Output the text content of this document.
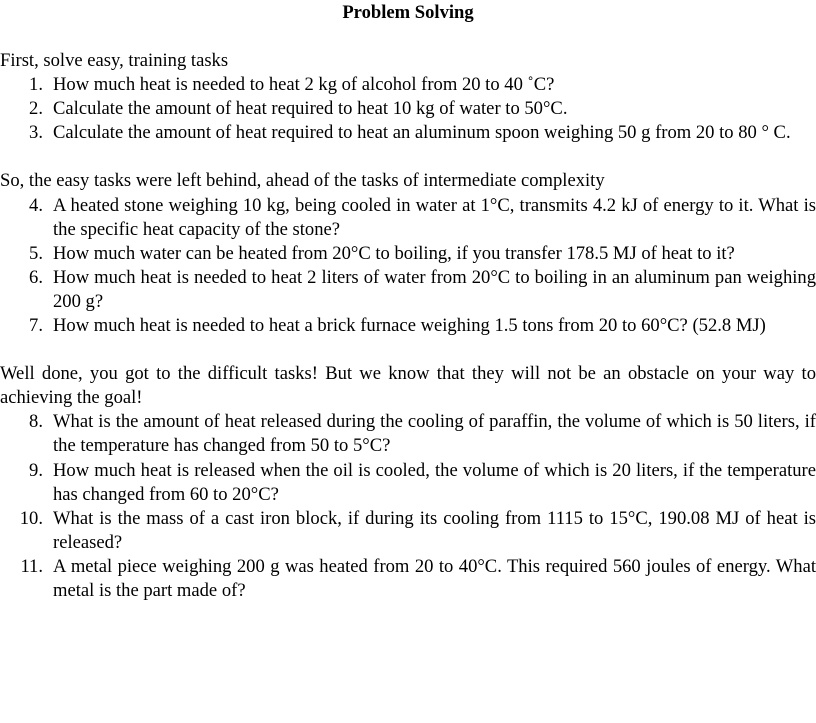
Problem Solving

First, solve easy, training tasks

1. How much heat is needed to heat 2 kg of alcohol from 20 to 40 ˚C?
2. Calculate the amount of heat required to heat 10 kg of water to 50°C.
3. Calculate the amount of heat required to heat an aluminum spoon weighing 50 g from 20 to 80 ° C.

So, the easy tasks were left behind, ahead of the tasks of intermediate complexity

4. A heated stone weighing 10 kg, being cooled in water at 1°C, transmits 4.2 kJ of energy to it. What is the specific heat capacity of the stone?
5. How much water can be heated from 20°C to boiling, if you transfer 178.5 MJ of heat to it?
6. How much heat is needed to heat 2 liters of water from 20°C to boiling in an aluminum pan weighing 200 g?
7. How much heat is needed to heat a brick furnace weighing 1.5 tons from 20 to 60°C? (52.8 MJ)

Well done, you got to the difficult tasks! But we know that they will not be an obstacle on your way to achieving the goal!

8. What is the amount of heat released during the cooling of paraffin, the volume of which is 50 liters, if the temperature has changed from 50 to 5°C?
9. How much heat is released when the oil is cooled, the volume of which is 20 liters, if the temperature has changed from 60 to 20°C?
10. What is the mass of a cast iron block, if during its cooling from 1115 to 15°C, 190.08 MJ of heat is released?
11. A metal piece weighing 200 g was heated from 20 to 40°C. This required 560 joules of energy. What metal is the part made of?
